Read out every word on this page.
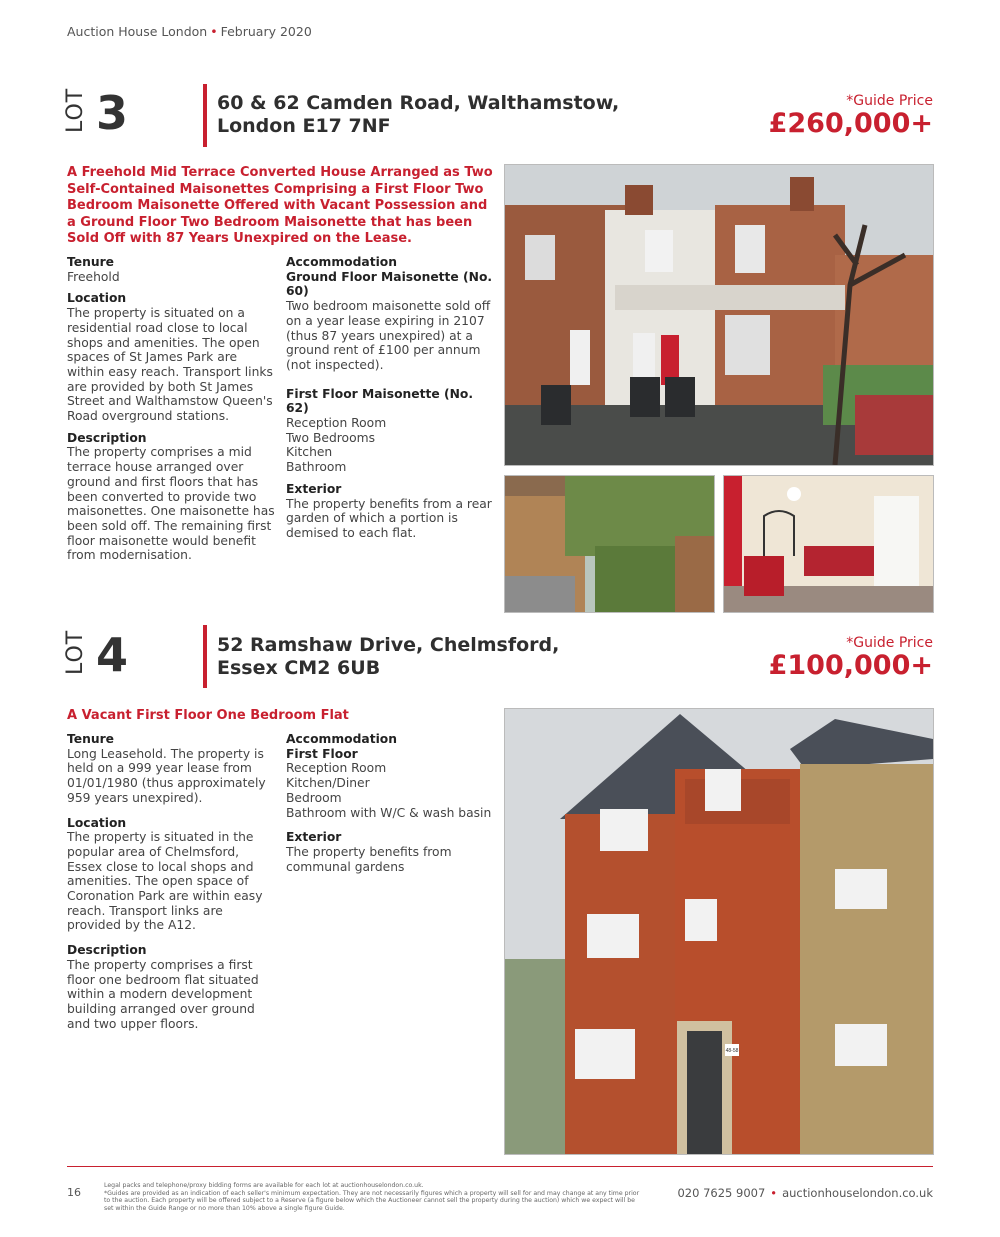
Auction House London • February 2020
LOT 3	60 & 62 Camden Road, Walthamstow,
London E17 7NF
*Guide Price
£260,000+
A Freehold Mid Terrace Converted House Arranged as Two Self-Contained Maisonettes Comprising a First Floor Two Bedroom Maisonette Offered with Vacant Possession and a Ground Floor Two Bedroom Maisonette that has been Sold Off with 87 Years Unexpired on the Lease.
Tenure
Freehold
Location
The property is situated on a residential road close to local shops and amenities. The open spaces of St James Park are within easy reach. Transport links are provided by both St James Street and Walthamstow Queen's Road overground stations.
Description
The property comprises a mid terrace house arranged over ground and first floors that has been converted to provide two maisonettes. One maisonette has been sold off. The remaining first floor maisonette would benefit from modernisation.
Accommodation
Ground Floor Maisonette (No. 60)
Two bedroom maisonette sold off on a year lease expiring in 2107 (thus 87 years unexpired) at a ground rent of £100 per annum (not inspected).
First Floor Maisonette (No. 62)
Reception Room
Two Bedrooms
Kitchen
Bathroom
Exterior
The property benefits from a rear garden of which a portion is demised to each flat.
LOT 4	52 Ramshaw Drive, Chelmsford,
Essex CM2 6UB
*Guide Price
£100,000+
A Vacant First Floor One Bedroom Flat
Tenure
Long Leasehold. The property is held on a 999 year lease from 01/01/1980 (thus approximately 959 years unexpired).
Location
The property is situated in the popular area of Chelmsford, Essex close to local shops and amenities. The open space of Coronation Park are within easy reach. Transport links are provided by the A12.
Description
The property comprises a first floor one bedroom flat situated within a modern development building arranged over ground and two upper floors.
Accommodation
First Floor
Reception Room
Kitchen/Diner
Bedroom
Bathroom with W/C & wash basin
Exterior
The property benefits from communal gardens
48-58
16
Legal packs and telephone/proxy bidding forms are available for each lot at auctionhouselondon.co.uk.
*Guides are provided as an indication of each seller's minimum expectation. They are not necessarily figures which a property will sell for and may change at any time prior to the auction. Each property will be offered subject to a Reserve (a figure below which the Auctioneer cannot sell the property during the auction) which we expect will be set within the Guide Range or no more than 10% above a single figure Guide.
020 7625 9007 • auctionhouselondon.co.uk
